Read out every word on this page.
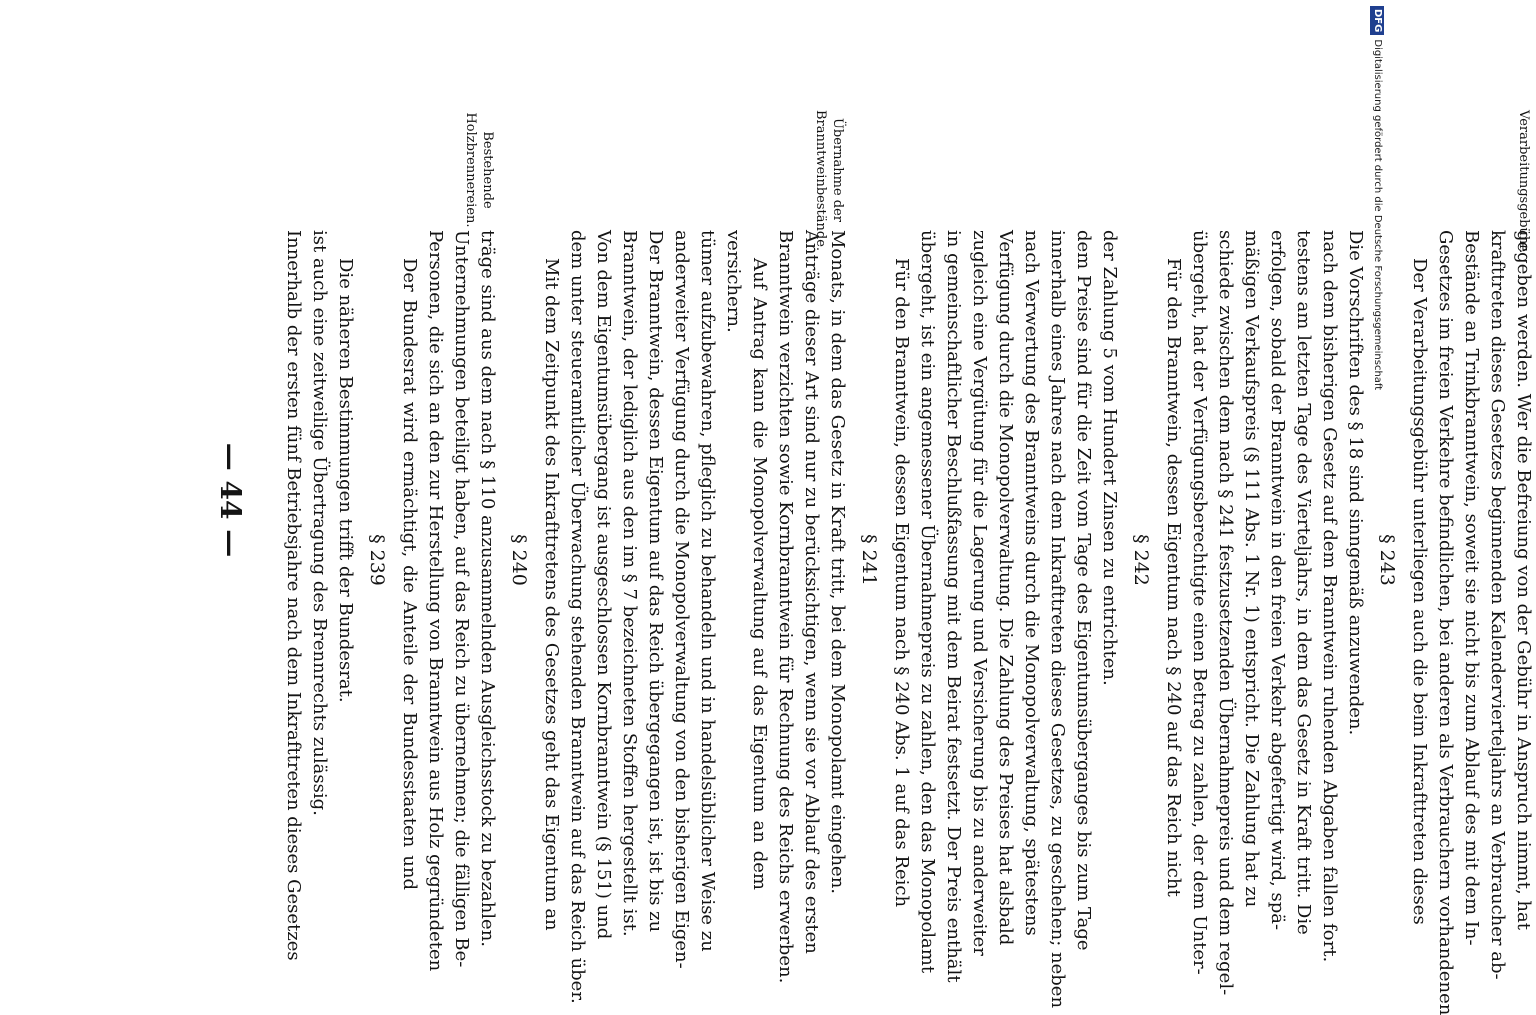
— 44 —	Innerhalb der ersten fünf Betriebsjahre nach dem Inkrafttreten dieses Gesetzes ist auch eine zeitweilige Übertragung des Brennrechts zulässig. Die näheren Bestimmungen trifft der Bundesrat. § 239
Bestehende Holzbrennereien.
Der Bundesrat wird ermächtigt, die Anteile der Bundesstaaten und Personen, die sich an den zur Herstellung von Branntwein aus Holz gegründeten Unternehmungen beteiligt haben, auf das Reich zu übernehmen; die fälligen Be- träge sind aus dem nach § 110 anzusammelnden Ausgleichsstock zu bezahlen. § 240
Übernahme der Branntweinbestände.
Mit dem Zeitpunkt des Inkrafttretens des Gesetzes geht das Eigentum an dem unter steueramtlicher Überwachung stehenden Branntwein auf das Reich über. Von dem Eigentumsübergang ist ausgeschlossen Kornbranntwein (§ 151) und Branntwein, der lediglich aus den im § 7 bezeichneten Stoffen hergestellt ist. Der Branntwein, dessen Eigentum auf das Reich übergegangen ist, ist bis zu anderweiter Verfügung durch die Monopolverwaltung von den bisherigen Eigen- tümer aufzubewahren, pfleglich zu behandeln und in handelsüblicher Weise zu versichern. Auf Antrag kann die Monopolverwaltung auf das Eigentum an dem Branntwein verzichten sowie Kornbranntwein für Rechnung des Reichs erwerben. Anträge dieser Art sind nur zu berücksichtigen, wenn sie vor Ablauf des ersten Monats, in dem das Gesetz in Kraft tritt, bei dem Monopolamt eingehen. § 241 Für den Branntwein, dessen Eigentum nach § 240 Abs. 1 auf das Reich übergeht, ist ein angemessener Übernahmepreis zu zahlen, den das Monopolamt in gemeinschaftlicher Beschlußfassung mit dem Beirat festsetzt. Der Preis enthält zugleich eine Vergütung für die Lagerung und Versicherung bis zu anderweiter Verfügung durch die Monopolverwaltung. Die Zahlung des Preises hat alsbald nach Verwertung des Branntweins durch die Monopolverwaltung, spätestens innerhalb eines Jahres nach dem Inkrafttreten dieses Gesetzes, zu geschehen; neben dem Preise sind für die Zeit vom Tage des Eigentumsüberganges bis zum Tage der Zahlung 5 vom Hundert Zinsen zu entrichten. § 242 Für den Branntwein, dessen Eigentum nach § 240 auf das Reich nicht übergeht, hat der Verfügungsberechtigte einen Betrag zu zahlen, der dem Unter- schiede zwischen dem nach § 241 festzusetzenden Übernahmepreis und dem regel- mäßigen Verkaufspreis (§ 111 Abs. 1 Nr. 1) entspricht. Die Zahlung hat zu erfolgen, sobald der Branntwein in den freien Verkehr abgefertigt wird, spä- testens am letzten Tage des Vierteljahrs, in dem das Gesetz in Kraft tritt. Die nach dem bisherigen Gesetz auf dem Branntwein ruhenden Abgaben fallen fort. Die Vorschriften des § 18 sind sinngemäß anzuwenden. § 243
Verarbeitungsgebühr.
Der Verarbeitungsgebühr unterliegen auch die beim Inkrafttreten dieses Gesetzes im freien Verkehre befindlichen, bei anderen als Verbrauchern vorhandenen Bestände an Trinkbranntwein, soweit sie nicht bis zum Ablauf des mit dem In- krafttreten dieses Gesetzes beginnenden Kalendervierteljahrs an Verbraucher ab- gegeben werden. Wer die Befreiung von der Gebühr in Anspruch nimmt, hat
DFGDigitalisierung gefördert durch die Deutsche Forschungsgemeinschaft
